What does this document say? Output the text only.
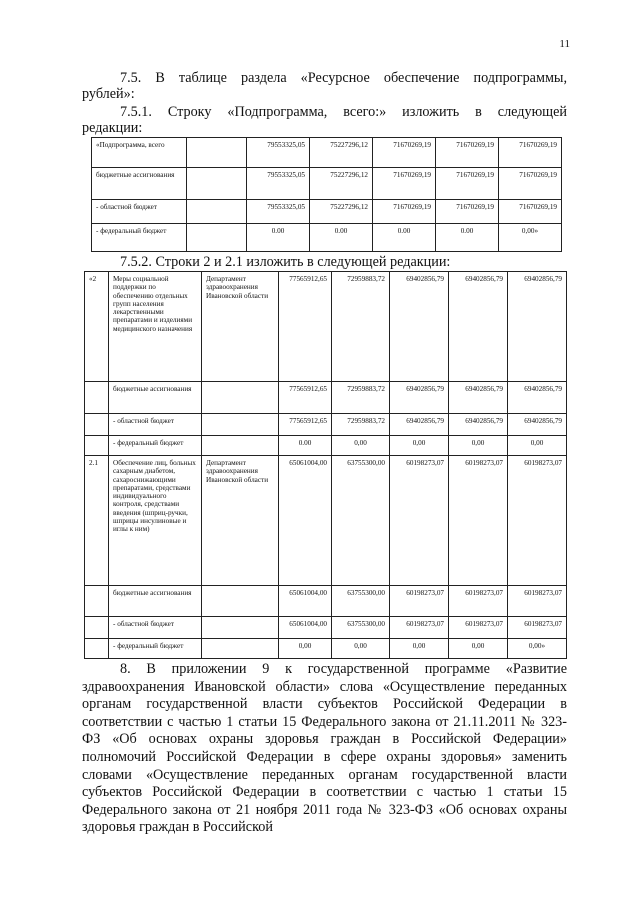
11

7.5. В таблице раздела «Ресурсное обеспечение подпрограммы,
рублей»:

7.5.1. Строку «Подпрограмма, всего:» изложить в следующей
редакции:

«Подпрограмма, всего		79553325,05	75227296,12	71670269,19	71670269,19	71670269,19
бюджетные ассигнования		79553325,05	75227296,12	71670269,19	71670269,19	71670269,19
- областной бюджет		79553325,05	75227296,12	71670269,19	71670269,19	71670269,19
- федеральный бюджет		0.00	0.00	0.00	0.00	0,00»

7.5.2. Строки 2 и 2.1 изложить в следующей редакции:

«2	Меры социальной поддержки по обеспечению отдельных групп населения лекарственными препаратами и изделиями медицинского назначения	Департамент здравоохранения Ивановской области	77565912,65	72959883,72	69402856,79	69402856,79	69402856,79
	бюджетные ассигнования		77565912,65	72959883,72	69402856,79	69402856,79	69402856,79
	- областной бюджет		77565912,65	72959883,72	69402856,79	69402856,79	69402856,79
	- федеральный бюджет		0.00	0,00	0,00	0,00	0,00
2.1	Обеспечение лиц, больных сахарным диабетом, сахароснижающими препаратами, средствами индивидуального контроля, средствами введения (шприц-ручки, шприцы инсулиновые и иглы к ним)	Департамент здравоохранения Ивановской области	65061004,00	63755300,00	60198273,07	60198273,07	60198273,07
	бюджетные ассигнования		65061004,00	63755300,00	60198273,07	60198273,07	60198273,07
	- областной бюджет		65061004,00	63755300,00	60198273,07	60198273,07	60198273,07
	- федеральный бюджет		0,00	0,00	0,00	0,00	0,00»

8. В приложении 9 к государственной программе «Развитие здравоохранения Ивановской области» слова «Осуществление переданных органам государственной власти субъектов Российской Федерации в соответствии с частью 1 статьи 15 Федерального закона от 21.11.2011 № 323-ФЗ «Об основах охраны здоровья граждан в Российской Федерации» полномочий Российской Федерации в сфере охраны здоровья» заменить словами «Осуществление переданных органам государственной власти субъектов Российской Федерации в соответствии с частью 1 статьи 15 Федерального закона от 21 ноября 2011 года № 323-ФЗ «Об основах охраны здоровья граждан в Российской
